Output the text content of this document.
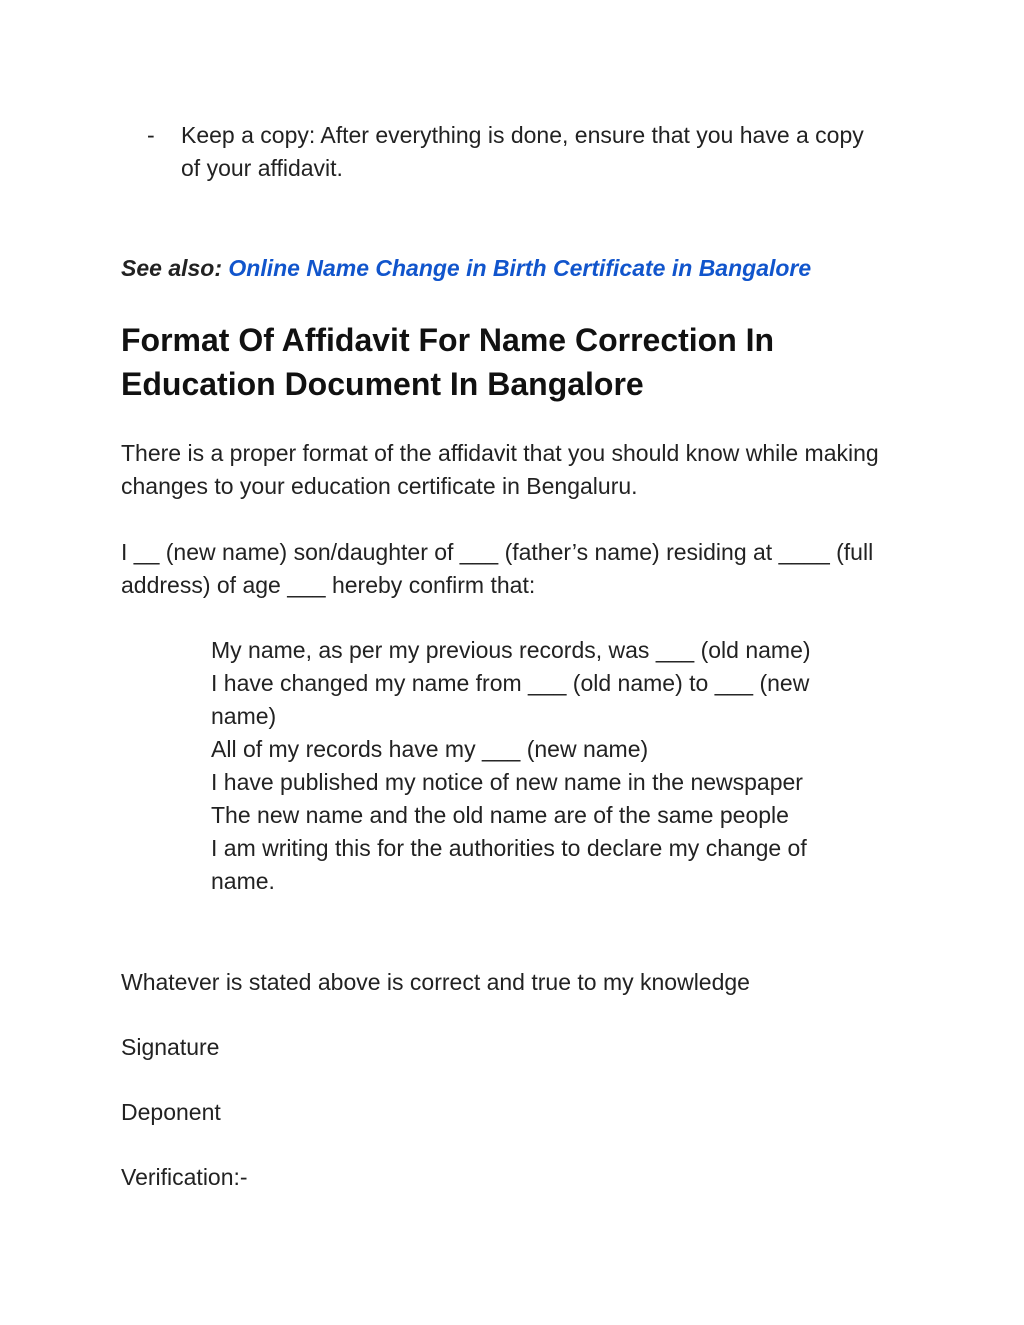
-	Keep a copy: After everything is done, ensure that you have a copy of your affidavit.
See also: Online Name Change in Birth Certificate in Bangalore
Format Of Affidavit For Name Correction In Education Document In Bangalore

There is a proper format of the affidavit that you should know while making changes to your education certificate in Bengaluru.

I __ (new name) son/daughter of ___ (father’s name) residing at ____ (full address) of age ___ hereby confirm that:

My name, as per my previous records, was ___ (old name)
I have changed my name from ___ (old name) to ___ (new name)
All of my records have my ___ (new name)
I have published my notice of new name in the newspaper
The new name and the old name are of the same people
I am writing this for the authorities to declare my change of name.

Whatever is stated above is correct and true to my knowledge

Signature

Deponent

Verification:-
